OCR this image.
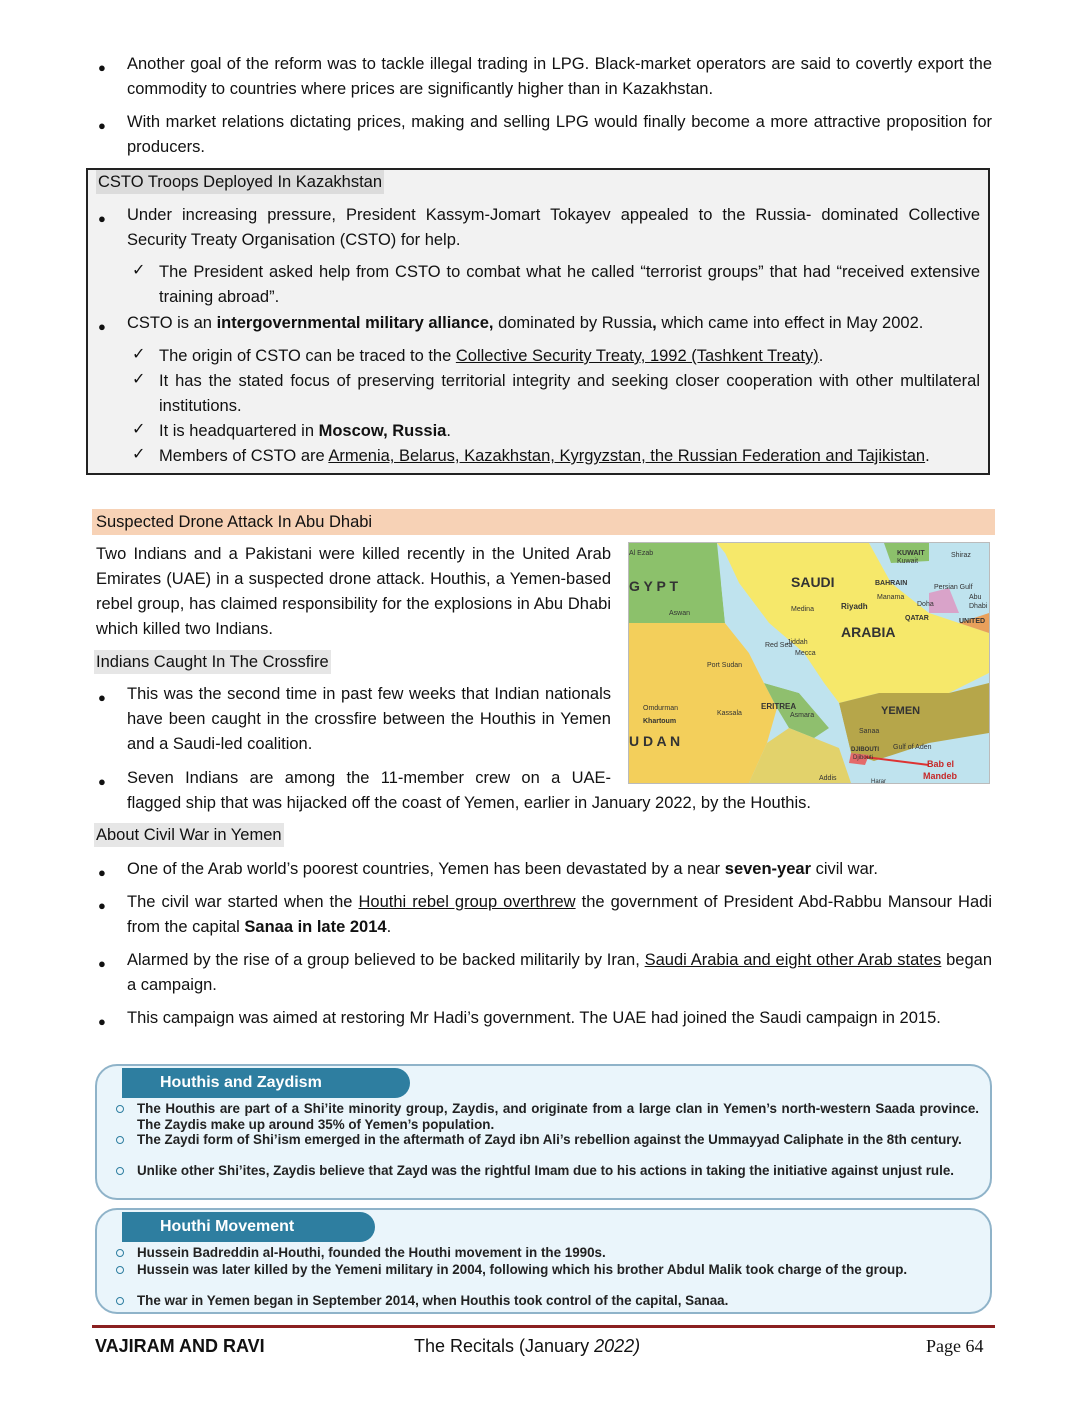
● Another goal of the reform was to tackle illegal trading in LPG. Black-market operators are said to covertly export the commodity to countries where prices are significantly higher than in Kazakhstan.
● With market relations dictating prices, making and selling LPG would finally become a more attractive proposition for producers.
CSTO Troops Deployed In Kazakhstan
● Under increasing pressure, President Kassym-Jomart Tokayev appealed to the Russia- dominated Collective Security Treaty Organisation (CSTO) for help.
✓ The President asked help from CSTO to combat what he called “terrorist groups” that had “received extensive training abroad”.
● CSTO is an intergovernmental military alliance, dominated by Russia, which came into effect in May 2002.
✓ The origin of CSTO can be traced to the Collective Security Treaty, 1992 (Tashkent Treaty).
✓ It has the stated focus of preserving territorial integrity and seeking closer cooperation with other multilateral institutions.
✓ It is headquartered in Moscow, Russia.
✓ Members of CSTO are Armenia, Belarus, Kazakhstan, Kyrgyzstan, the Russian Federation and Tajikistan.
Suspected Drone Attack In Abu Dhabi
Two Indians and a Pakistani were killed recently in the United Arab Emirates (UAE) in a suspected drone attack. Houthis, a Yemen-based rebel group, has claimed responsibility for the explosions in Abu Dhabi which killed two Indians.
Indians Caught In The Crossfire
● This was the second time in past few weeks that Indian nationals have been caught in the crossfire between the Houthis in Yemen and a Saudi-led coalition.
● Seven Indians are among the 11-member crew on a UAE-
flagged ship that was hijacked off the coast of Yemen, earlier in January 2022, by the Houthis.
G Y P T
U D A N
SAUDI
ARABIA
YEMEN
ERITREA
Red Sea
Al Ezab	KUWAIT
Kuwait
Shiraz
BAHRAIN
Manama
Doha
QATAR
Persian Gulf
Abu
Dhabi
UNITED
Medina	Riyadh
Jiddah
Mecca
Aswan
Port Sudan
Kassala
Omdurman
Khartoum
Asmara
Sanaa
Gulf of Aden
DJIBOUTI
Djibouti
Bab el
Mandeb
Addis	Harar
About Civil War in Yemen
● One of the Arab world’s poorest countries, Yemen has been devastated by a near seven-year civil war.
● The civil war started when the Houthi rebel group overthrew the government of President Abd-Rabbu Mansour Hadi from the capital Sanaa in late 2014.
● Alarmed by the rise of a group believed to be backed militarily by Iran, Saudi Arabia and eight other Arab states began a campaign.
● This campaign was aimed at restoring Mr Hadi’s government. The UAE had joined the Saudi campaign in 2015.
Houthis and Zaydism
The Houthis are part of a Shi’ite minority group, Zaydis, and originate from a large clan in Yemen’s north-western Saada province. The Zaydis make up around 35% of Yemen’s population.
The Zaydi form of Shi’ism emerged in the aftermath of Zayd ibn Ali’s rebellion against the Ummayyad Caliphate in the 8th century.
Unlike other Shi’ites, Zaydis believe that Zayd was the rightful Imam due to his actions in taking the initiative against unjust rule.
Houthi Movement
Hussein Badreddin al-Houthi, founded the Houthi movement in the 1990s.
Hussein was later killed by the Yemeni military in 2004, following which his brother Abdul Malik took charge of the group.
The war in Yemen began in September 2014, when Houthis took control of the capital, Sanaa.
VAJIRAM AND RAVI	The Recitals (January 2022)	Page 64
